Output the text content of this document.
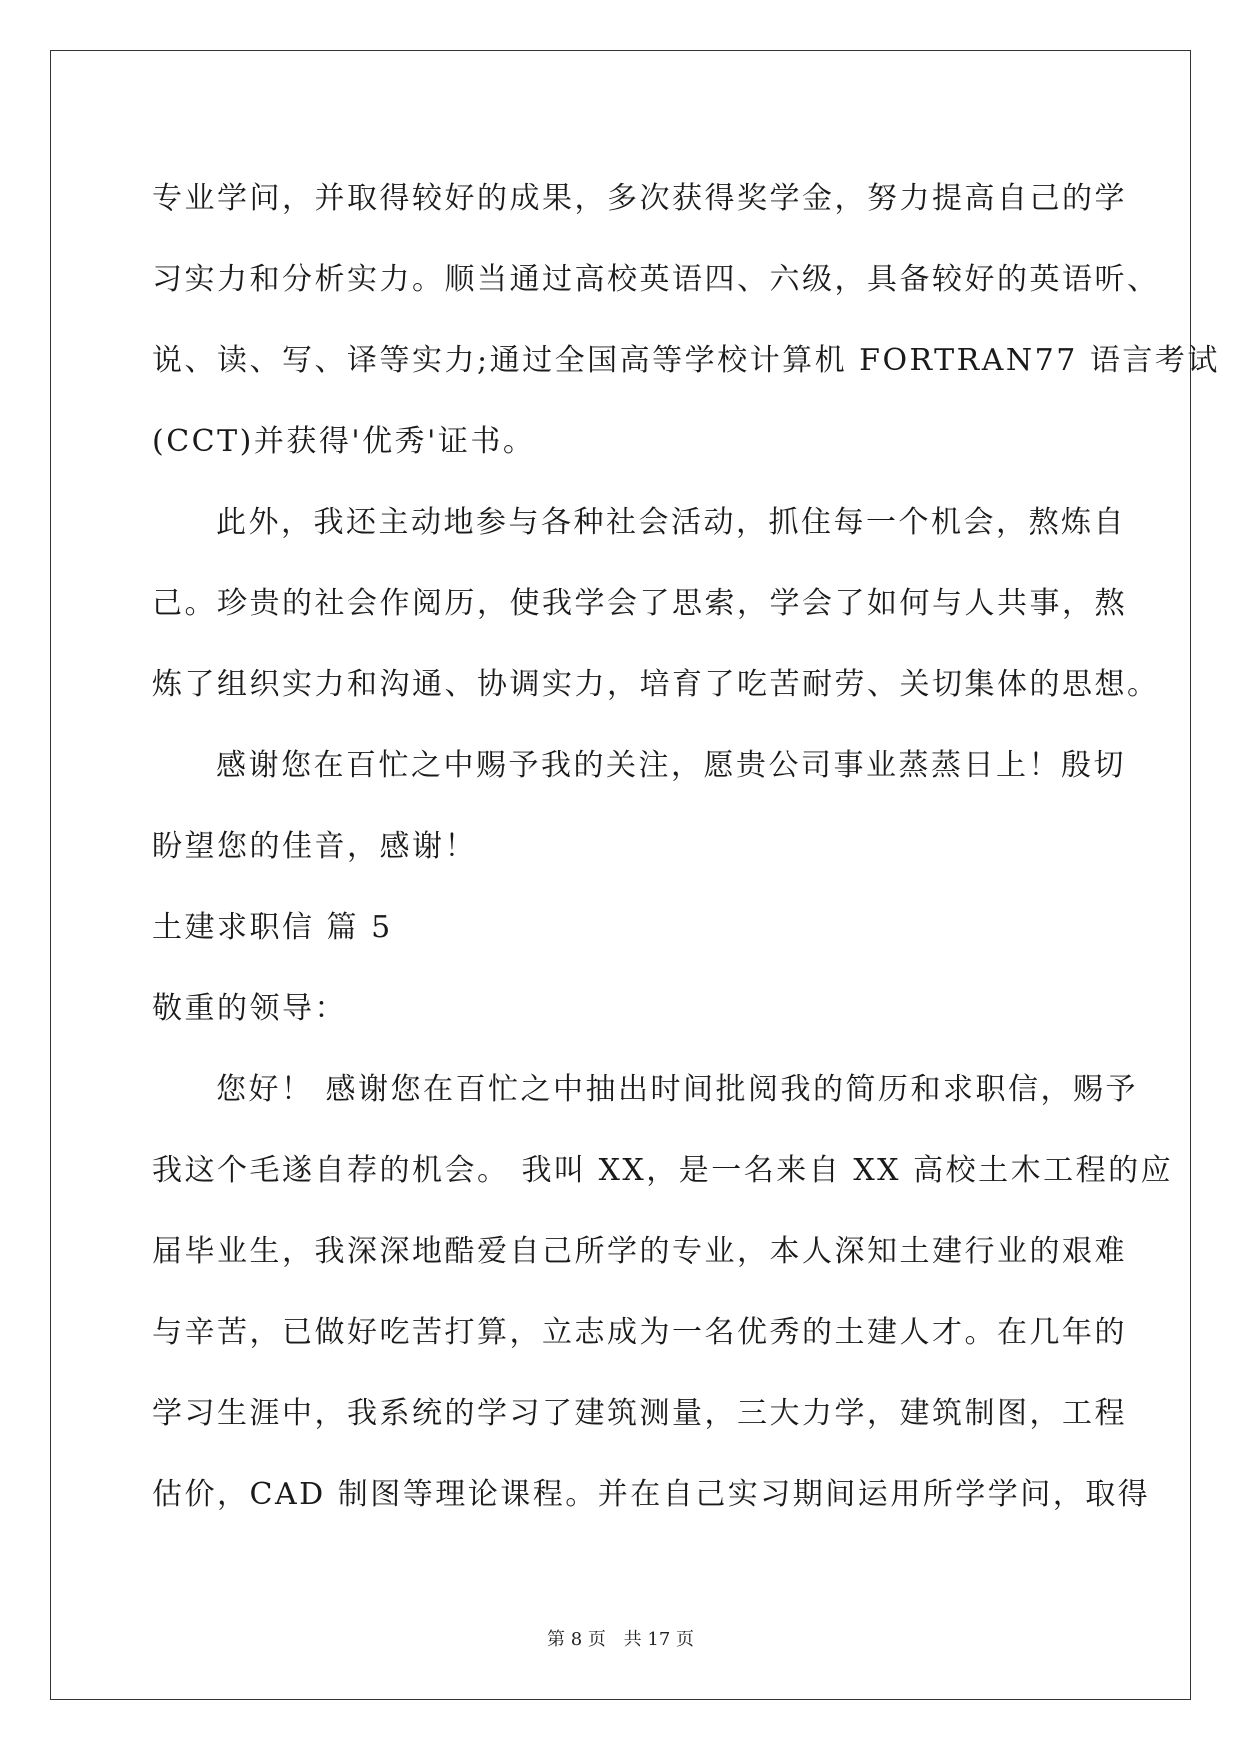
专业学问，并取得较好的成果，多次获得奖学金，努力提高自己的学
习实力和分析实力。顺当通过高校英语四、六级，具备较好的英语听、
说、读、写、译等实力;通过全国高等学校计算机 FORTRAN77 语言考试
(CCT)并获得'优秀'证书。
此外，我还主动地参与各种社会活动，抓住每一个机会，熬炼自
己。珍贵的社会作阅历，使我学会了思索，学会了如何与人共事，熬
炼了组织实力和沟通、协调实力，培育了吃苦耐劳、关切集体的思想。
感谢您在百忙之中赐予我的关注，愿贵公司事业蒸蒸日上！殷切
盼望您的佳音，感谢！
土建求职信 篇 5
敬重的领导：
您好！ 感谢您在百忙之中抽出时间批阅我的简历和求职信，赐予
我这个毛遂自荐的机会。 我叫 XX，是一名来自 XX 高校土木工程的应
届毕业生，我深深地酷爱自己所学的专业，本人深知土建行业的艰难
与辛苦，已做好吃苦打算，立志成为一名优秀的土建人才。在几年的
学习生涯中，我系统的学习了建筑测量，三大力学，建筑制图，工程
估价，CAD 制图等理论课程。并在自己实习期间运用所学学问，取得
第 8 页 共 17 页
